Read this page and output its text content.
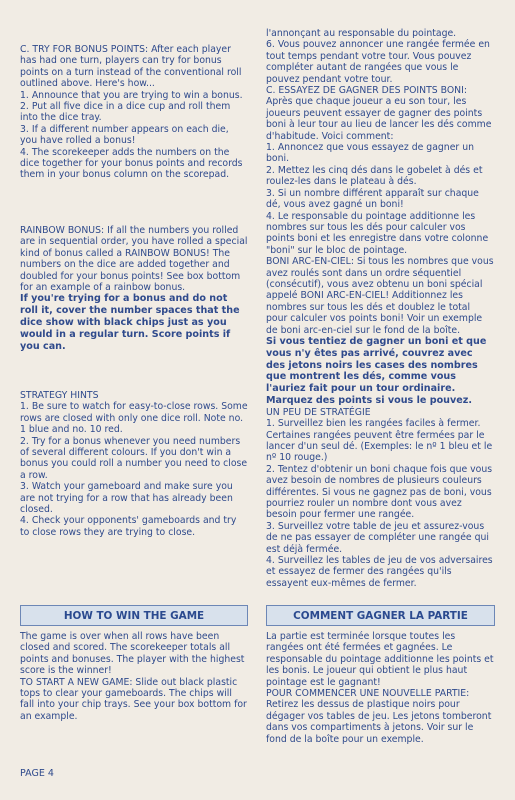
C. TRY FOR BONUS POINTS: After each player has had one turn, players can try for bonus points on a turn instead of the conventional roll outlined above. Here's how...

1. Announce that you are trying to win a bonus.

2. Put all five dice in a dice cup and roll them into the dice tray.

3. If a different number appears on each die, you have rolled a bonus!

4. The scorekeeper adds the numbers on the dice together for your bonus points and records them in your bonus column on the scorepad.

RAINBOW BONUS: If all the numbers you rolled are in sequential order, you have rolled a special kind of bonus called a RAINBOW BONUS! The numbers on the dice are added together and doubled for your bonus points! See box bottom for an example of a rainbow bonus.

If you're trying for a bonus and do not roll it, cover the number spaces that the dice show with black chips just as you would in a regular turn. Score points if you can.

STRATEGY HINTS

1. Be sure to watch for easy-to-close rows. Some rows are closed with only one dice roll. Note no. 1 blue and no. 10 red.

2. Try for a bonus whenever you need numbers of several different colours. If you don't win a bonus you could roll a number you need to close a row.

3. Watch your gameboard and make sure you are not trying for a row that has already been closed.

4. Check your opponents' gameboards and try to close rows they are trying to close.

HOW TO WIN THE GAME

The game is over when all rows have been closed and scored. The scorekeeper totals all points and bonuses. The player with the highest score is the winner!

TO START A NEW GAME: Slide out black plastic tops to clear your gameboards. The chips will fall into your chip trays. See your box bottom for an example.

l'annonçant au responsable du pointage.

6. Vous pouvez annoncer une rangée fermée en tout temps pendant votre tour. Vous pouvez compléter autant de rangées que vous le pouvez pendant votre tour.

C. ESSAYEZ DE GAGNER DES POINTS BONI: Après que chaque joueur a eu son tour, les joueurs peuvent essayer de gagner des points boni à leur tour au lieu de lancer les dés comme d'habitude. Voici comment:

1. Annoncez que vous essayez de gagner un boni.

2. Mettez les cinq dés dans le gobelet à dés et roulez-les dans le plateau à dés.

3. Si un nombre différent apparaît sur chaque dé, vous avez gagné un boni!

4. Le responsable du pointage additionne les nombres sur tous les dés pour calculer vos points boni et les enregistre dans votre colonne "boni" sur le bloc de pointage.

BONI ARC-EN-CIEL: Si tous les nombres que vous avez roulés sont dans un ordre séquentiel (consécutif), vous avez obtenu un boni spécial appelé BONI ARC-EN-CIEL! Additionnez les nombres sur tous les dés et doublez le total pour calculer vos points boni! Voir un exemple de boni arc-en-ciel sur le fond de la boîte.

Si vous tentiez de gagner un boni et que vous n'y êtes pas arrivé, couvrez avec des jetons noirs les cases des nombres que montrent les dés, comme vous l'auriez fait pour un tour ordinaire. Marquez des points si vous le pouvez.

UN PEU DE STRATÉGIE

1. Surveillez bien les rangées faciles à fermer. Certaines rangées peuvent être fermées par le lancer d'un seul dé. (Exemples: le nº 1 bleu et le nº 10 rouge.)

2. Tentez d'obtenir un boni chaque fois que vous avez besoin de nombres de plusieurs couleurs différentes. Si vous ne gagnez pas de boni, vous pourriez rouler un nombre dont vous avez besoin pour fermer une rangée.

3. Surveillez votre table de jeu et assurez-vous de ne pas essayer de compléter une rangée qui est déjà fermée.

4. Surveillez les tables de jeu de vos adversaires et essayez de fermer des rangées qu'ils essayent eux-mêmes de fermer.

COMMENT GAGNER LA PARTIE

La partie est terminée lorsque toutes les rangées ont été fermées et gagnées. Le responsable du pointage additionne les points et les bonis. Le joueur qui obtient le plus haut pointage est le gagnant!

POUR COMMENCER UNE NOUVELLE PARTIE: Retirez les dessus de plastique noirs pour dégager vos tables de jeu. Les jetons tomberont dans vos compartiments à jetons. Voir sur le fond de la boîte pour un exemple.

PAGE 4
